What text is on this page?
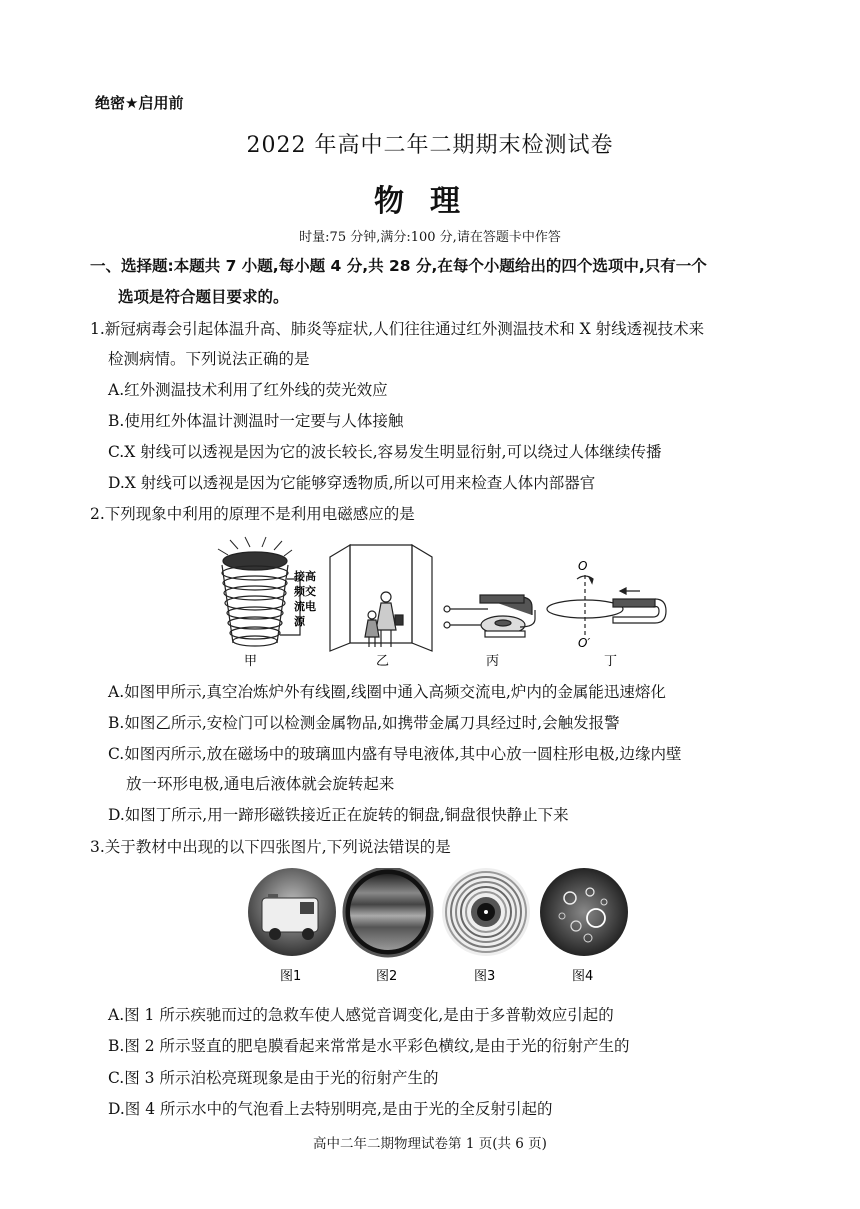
绝密★启用前
2022 年高中二年二期期末检测试卷
物理
时量:75 分钟,满分:100 分,请在答题卡中作答
一、选择题:本题共 7 小题,每小题 4 分,共 28 分,在每个小题给出的四个选项中,只有一个
选项是符合题目要求的。
1.新冠病毒会引起体温升高、肺炎等症状,人们往往通过红外测温技术和 X 射线透视技术来
检测病情。下列说法正确的是
A.红外测温技术利用了红外线的荧光效应
B.使用红外体温计测温时一定要与人体接触
C.X 射线可以透视是因为它的波长较长,容易发生明显衍射,可以绕过人体继续传播
D.X 射线可以透视是因为它能够穿透物质,所以可用来检查人体内部器官
2.下列现象中利用的原理不是利用电磁感应的是
接高
频交
流电
源
甲	乙	丙
O
O′
丁
A.如图甲所示,真空冶炼炉外有线圈,线圈中通入高频交流电,炉内的金属能迅速熔化
B.如图乙所示,安检门可以检测金属物品,如携带金属刀具经过时,会触发报警
C.如图丙所示,放在磁场中的玻璃皿内盛有导电液体,其中心放一圆柱形电极,边缘内壁
放一环形电极,通电后液体就会旋转起来
D.如图丁所示,用一蹄形磁铁接近正在旋转的铜盘,铜盘很快静止下来
3.关于教材中出现的以下四张图片,下列说法错误的是
图1	图2	图3	图4
A.图 1 所示疾驰而过的急救车使人感觉音调变化,是由于多普勒效应引起的
B.图 2 所示竖直的肥皂膜看起来常常是水平彩色横纹,是由于光的衍射产生的
C.图 3 所示泊松亮斑现象是由于光的衍射产生的
D.图 4 所示水中的气泡看上去特别明亮,是由于光的全反射引起的
高中二年二期物理试卷第 1 页(共 6 页)
